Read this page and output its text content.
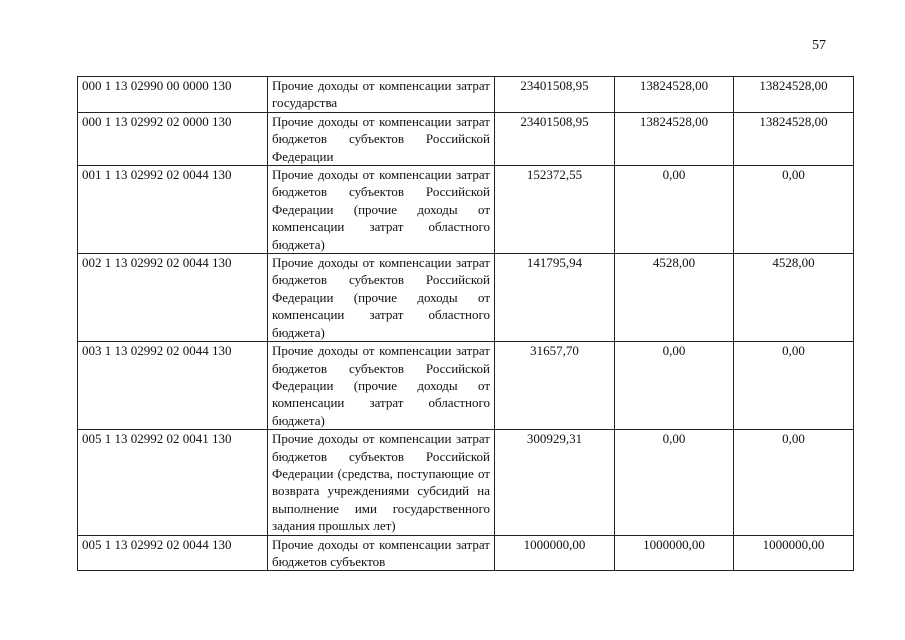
57
000 1 13 02990 00 0000 130	Прочие доходы от компенсации затрат государства	23401508,95	13824528,00	13824528,00
000 1 13 02992 02 0000 130	Прочие доходы от компенсации затрат бюджетов субъектов Российской Федерации	23401508,95	13824528,00	13824528,00
001 1 13 02992 02 0044 130	Прочие доходы от компенсации затрат бюджетов субъектов Российской Федерации (прочие доходы от компенсации затрат областного бюджета)	152372,55	0,00	0,00
002 1 13 02992 02 0044 130	Прочие доходы от компенсации затрат бюджетов субъектов Российской Федерации (прочие доходы от компенсации затрат областного бюджета)	141795,94	4528,00	4528,00
003 1 13 02992 02 0044 130	Прочие доходы от компенсации затрат бюджетов субъектов Российской Федерации (прочие доходы от компенсации затрат областного бюджета)	31657,70	0,00	0,00
005 1 13 02992 02 0041 130	Прочие доходы от компенсации затрат бюджетов субъектов Российской Федерации (средства, поступающие от возврата учреждениями субсидий на выполнение ими государственного задания прошлых лет)	300929,31	0,00	0,00
005 1 13 02992 02 0044 130	Прочие доходы от компенсации затрат бюджетов субъектов	1000000,00	1000000,00	1000000,00
